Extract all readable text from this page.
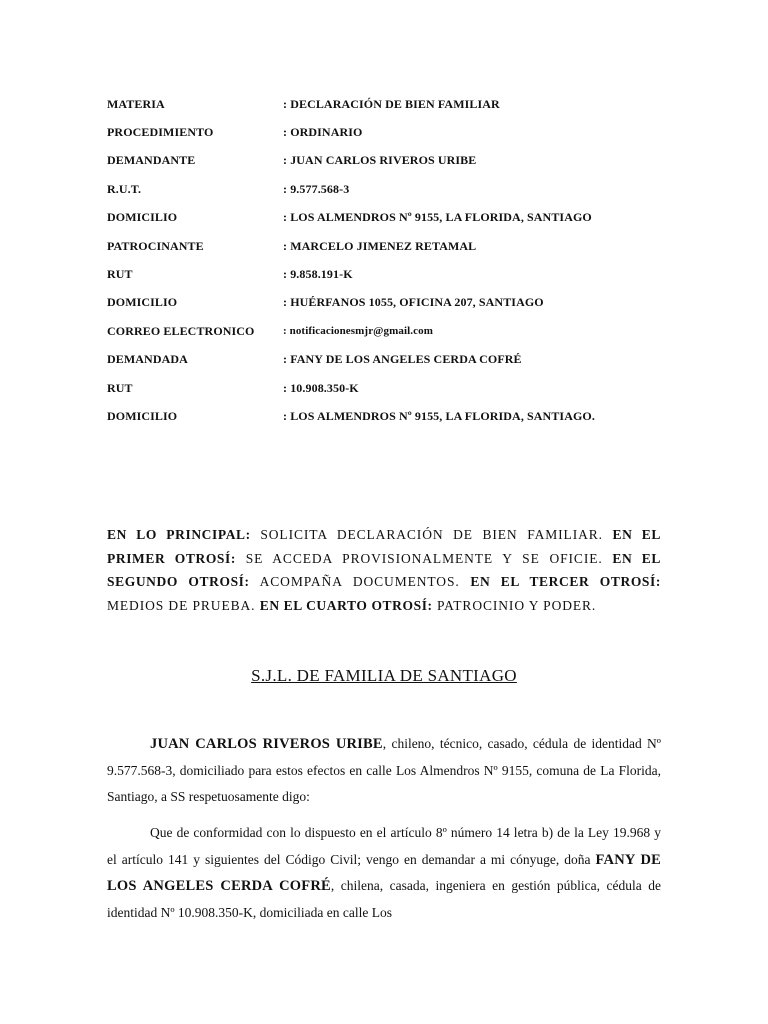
MATERIA	: DECLARACIÓN DE BIEN FAMILIAR
PROCEDIMIENTO	: ORDINARIO
DEMANDANTE	: JUAN CARLOS RIVEROS URIBE
R.U.T.	: 9.577.568-3
DOMICILIO	: LOS ALMENDROS Nº 9155, LA FLORIDA, SANTIAGO
PATROCINANTE	: MARCELO JIMENEZ RETAMAL
RUT	: 9.858.191-K
DOMICILIO	: HUÉRFANOS 1055, OFICINA 207, SANTIAGO
CORREO ELECTRONICO	: notificacionesmjr@gmail.com
DEMANDADA	: FANY DE LOS ANGELES CERDA COFRÉ
RUT	: 10.908.350-K
DOMICILIO	: LOS ALMENDROS Nº 9155, LA FLORIDA, SANTIAGO.
EN LO PRINCIPAL: SOLICITA DECLARACIÓN DE BIEN FAMILIAR. EN EL PRIMER OTROSÍ: SE ACCEDA PROVISIONALMENTE Y SE OFICIE. EN EL SEGUNDO OTROSÍ: ACOMPAÑA DOCUMENTOS. EN EL TERCER OTROSÍ: MEDIOS DE PRUEBA. EN EL CUARTO OTROSÍ: PATROCINIO Y PODER.
S.J.L. DE FAMILIA DE SANTIAGO
JUAN CARLOS RIVEROS URIBE, chileno, técnico, casado, cédula de identidad Nº 9.577.568-3, domiciliado para estos efectos en calle Los Almendros Nº 9155, comuna de La Florida, Santiago, a SS respetuosamente digo:
Que de conformidad con lo dispuesto en el artículo 8º número 14 letra b) de la Ley 19.968 y el artículo 141 y siguientes del Código Civil; vengo en demandar a mi cónyuge, doña FANY DE LOS ANGELES CERDA COFRÉ, chilena, casada, ingeniera en gestión pública, cédula de identidad Nº 10.908.350-K, domiciliada en calle Los
